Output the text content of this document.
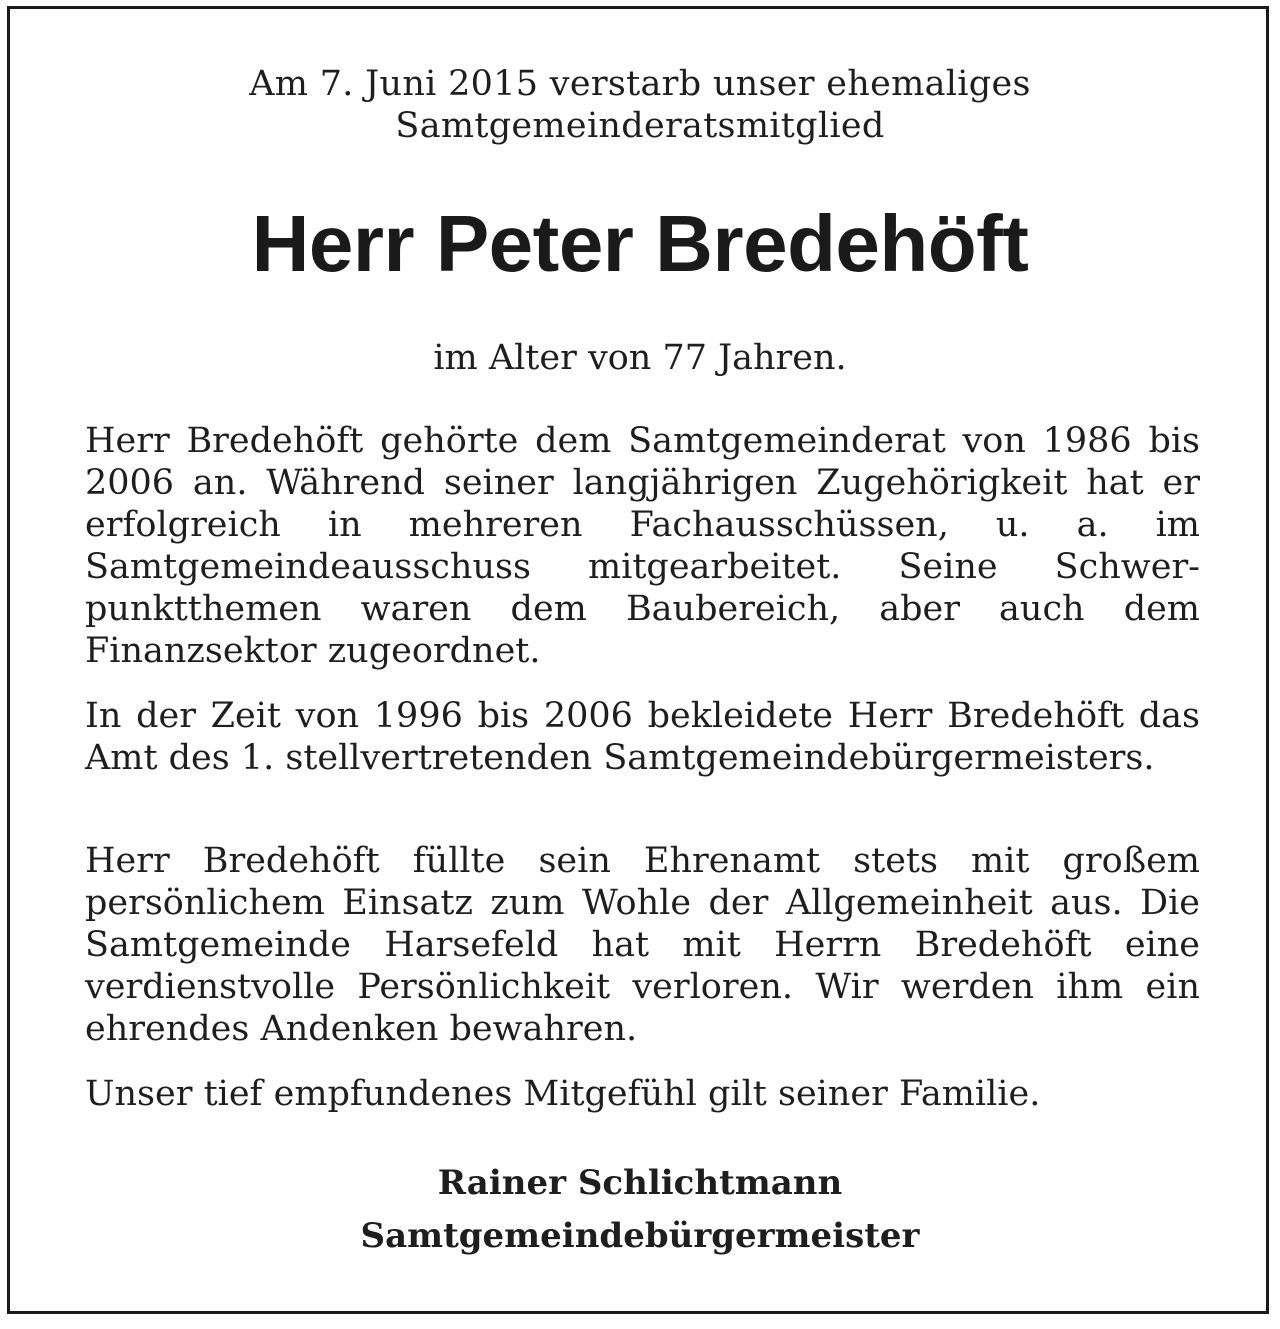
Am 7. Juni 2015 verstarb unser ehemaliges
Samtgemeinderatsmitglied
Herr Peter Bredehöft
im Alter von 77 Jahren.

Herr Bredehöft gehörte dem Samtgemeinderat von 1986 bis 2006 an. Während seiner langjährigen Zugehörigkeit hat er erfolgreich in mehreren Fachausschüssen, u. a. im Samtgemeindeausschuss mitgearbeitet. Seine Schwerpunktthemen waren dem Baubereich, aber auch dem Finanzsektor zugeordnet.

In der Zeit von 1996 bis 2006 bekleidete Herr Bredehöft das Amt des 1. stellvertretenden Samtgemeindebürgermeisters.

Herr Bredehöft füllte sein Ehrenamt stets mit großem persönlichem Einsatz zum Wohle der Allgemeinheit aus. Die Samtgemeinde Harsefeld hat mit Herrn Bredehöft eine verdienstvolle Persönlichkeit verloren. Wir werden ihm ein ehrendes Andenken bewahren.

Unser tief empfundenes Mitgefühl gilt seiner Familie.

Rainer Schlichtmann
Samtgemeindebürgermeister
